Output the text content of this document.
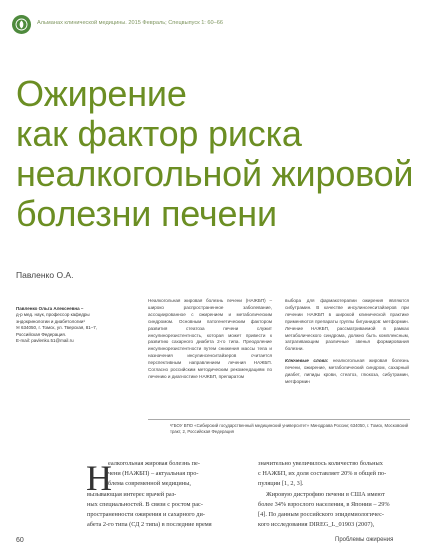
Альманах клинической медицины. 2015 Февраль; Спецвыпуск 1: 60–66
Ожирение
как фактор риска
неалкогольной жировой
болезни печени
Павленко О.А.
Павленко Ольга Алексеевна –
д-р мед. наук, профессор кафедры
эндокринологии и диабетологии¹
✉ 634050, г. Томск, ул. Тверская, 81–7,
Российская Федерация.
E-mail: pavlenko.51@mail.ru
Неалкогольная жировая болезнь печени (НАЖБП) – широко распространенное заболевание, ассоциированное с ожирением и метаболическим синдромом. Основным патогенетическим фактором развития стеатоза печени служит инсулинорезистентность, которая может привести к развитию сахарного диабета 2-го типа. Преодоление инсулинорезистентности путем снижения массы тела и назначения инсулинсенситайзеров считается перспективным направлением лечения НАЖБП. Согласно российским методическим рекомендациям по лечению и диагностике НАЖБП, препаратом
выбора для фармакотерапии ожирения являются сибутрамин. В качестве инсулинсенситайзеров при лечении НАЖБП в широкой клинической практике применяются препараты группы бигуанидов: метформин. Лечение НАЖБП, рассматриваемой в рамках метаболического синдрома, должно быть комплексным, затрагивающим различные звенья формирования болезни.
Ключевые слова: неалкогольная жировая болезнь печени, ожирение, метаболический синдром, сахарный диабет, липиды крови, стеатоз, глюкоза, сибутрамин, метформин
¹ГБОУ ВПО «Сибирский государственный медицинский университет» Минздрава России; 634050, г. Томск, Московский тракт, 2, Российская Федерация
Н
еалкогольная жировая болезнь пе-
чени (НАЖБП) – актуальная про-
блема современной медицины,
вызывающая интерес врачей раз-
ных специальностей. В связи с ростом рас-
пространенности ожирения и сахарного ди-
абета 2-го типа (СД 2 типа) в последние время
значительно увеличилось количество больных
с НАЖБП, их доля составляет 20% в общей по-
пуляции [1, 2, 3].
Жировую дистрофию печени в США имеют
более 34% взрослого населения, в Японии – 29%
[4]. По данным российского эпидемиологичес-
кого исследования DIREG_L_01903 (2007),
60	Проблемы ожирения
